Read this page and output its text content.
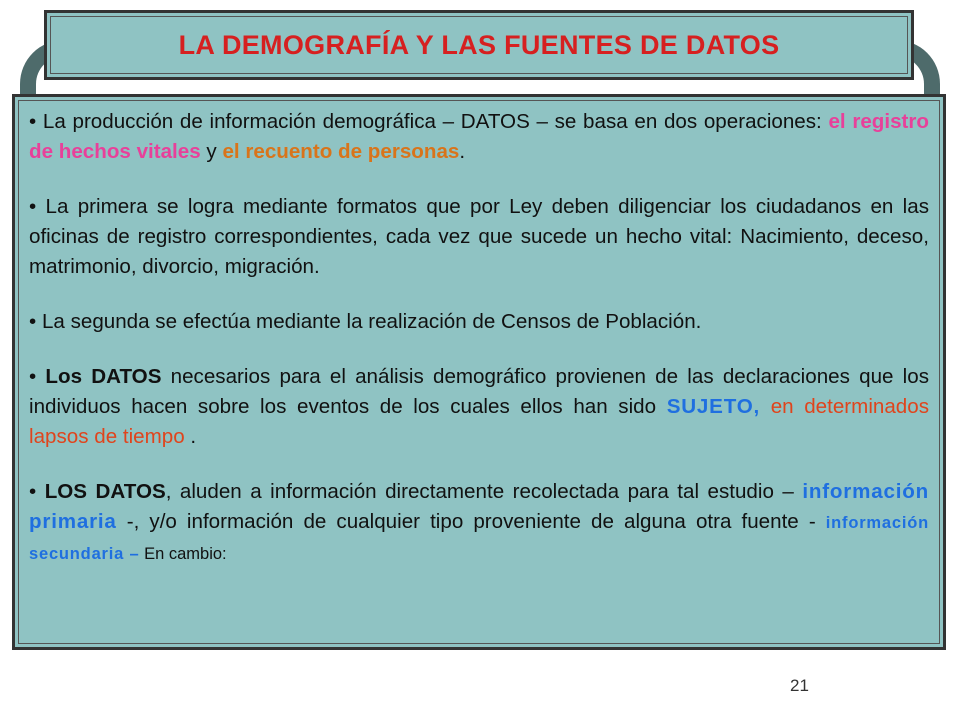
LA DEMOGRAFÍA Y LAS FUENTES DE DATOS

• La producción de información demográfica – DATOS – se basa en dos operaciones: el registro de hechos vitales y el recuento de personas.

• La primera se logra mediante formatos que por Ley deben diligenciar los ciudadanos en las oficinas de registro correspondientes, cada vez que sucede un hecho vital: Nacimiento, deceso, matrimonio, divorcio, migración.

• La segunda se efectúa mediante la realización de Censos de Población.

• Los DATOS necesarios para el análisis demográfico provienen de las declaraciones que los individuos hacen sobre los eventos de los cuales ellos han sido SUJETO, en determinados lapsos de tiempo .

• LOS DATOS, aluden a información directamente recolectada para tal estudio – información primaria -, y/o información de cualquier tipo proveniente de alguna otra fuente - información secundaria – En cambio:

21
